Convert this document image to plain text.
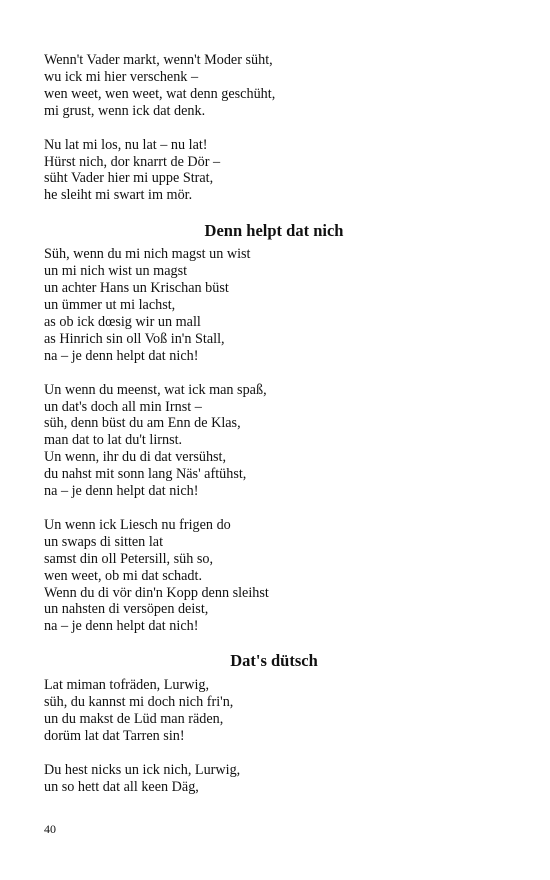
Wenn't Vader markt, wenn't Moder süht,
wu ick mi hier verschenk –
wen weet, wen weet, wat denn geschüht,
mi grust, wenn ick dat denk.
Nu lat mi los, nu lat – nu lat!
Hürst nich, dor knarrt de Dör –
süht Vader hier mi uppe Strat,
he sleiht mi swart im mör.
Denn helpt dat nich
Süh, wenn du mi nich magst un wist
un mi nich wist un magst
un achter Hans un Krischan büst
un ümmer ut mi lachst,
as ob ick dœsig wir un mall
as Hinrich sin oll Voß in'n Stall,
na – je denn helpt dat nich!
Un wenn du meenst, wat ick man spaß,
un dat's doch all min Irnst –
süh, denn büst du am Enn de Klas,
man dat to lat du't lirnst.
Un wenn, ihr du di dat versühst,
du nahst mit sonn lang Näs' aftühst,
na – je denn helpt dat nich!
Un wenn ick Liesch nu frigen do
un swaps di sitten lat
samst din oll Petersill, süh so,
wen weet, ob mi dat schadt.
Wenn du di vör din'n Kopp denn sleihst
un nahsten di versöpen deist,
na – je denn helpt dat nich!
Dat's dütsch
Lat miman tofräden, Lurwig,
süh, du kannst mi doch nich fri'n,
un du makst de Lüd man räden,
dorüm lat dat Tarren sin!
Du hest nicks un ick nich, Lurwig,
un so hett dat all keen Däg,
40
